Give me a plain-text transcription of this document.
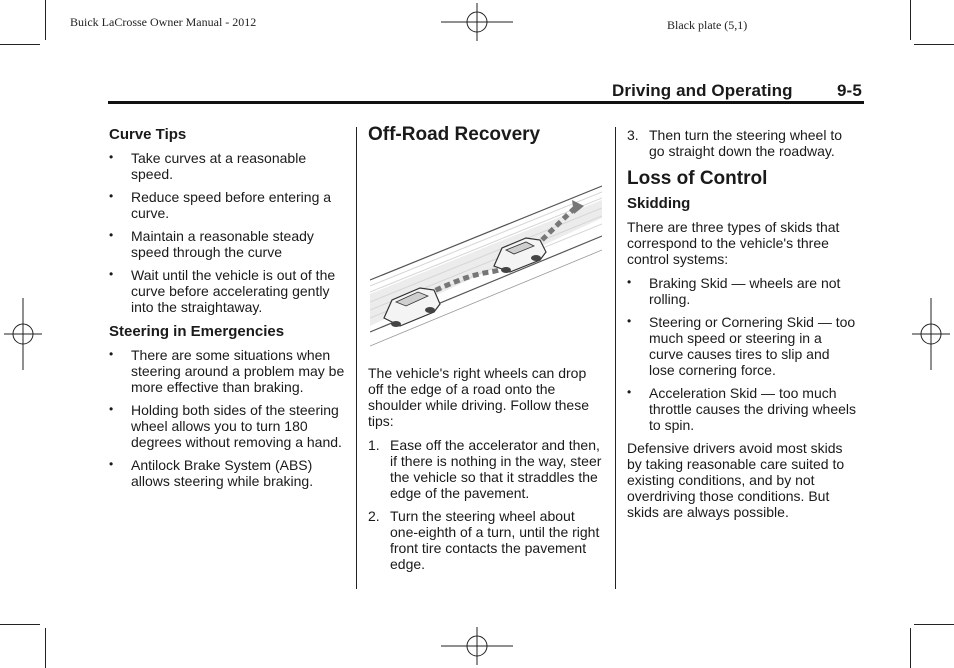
Buick LaCrosse Owner Manual - 2012	Black plate (5,1)
Driving and Operating	9-5
Curve Tips
• Take curves at a reasonable speed.
• Reduce speed before entering a curve.
• Maintain a reasonable steady speed through the curve
• Wait until the vehicle is out of the curve before accelerating gently into the straightaway.
Steering in Emergencies
• There are some situations when steering around a problem may be more effective than braking.
• Holding both sides of the steering wheel allows you to turn 180 degrees without removing a hand.
• Antilock Brake System (ABS) allows steering while braking.
Off-Road Recovery

The vehicle's right wheels can drop off the edge of a road onto the shoulder while driving. Follow these tips:

1. Ease off the accelerator and then, if there is nothing in the way, steer the vehicle so that it straddles the edge of the pavement.
2. Turn the steering wheel about one-eighth of a turn, until the right front tire contacts the pavement edge.
3. Then turn the steering wheel to go straight down the roadway.
Loss of Control
Skidding

There are three types of skids that correspond to the vehicle's three control systems:

• Braking Skid — wheels are not rolling.
• Steering or Cornering Skid — too much speed or steering in a curve causes tires to slip and lose cornering force.
• Acceleration Skid — too much throttle causes the driving wheels to spin.

Defensive drivers avoid most skids by taking reasonable care suited to existing conditions, and by not overdriving those conditions. But skids are always possible.
